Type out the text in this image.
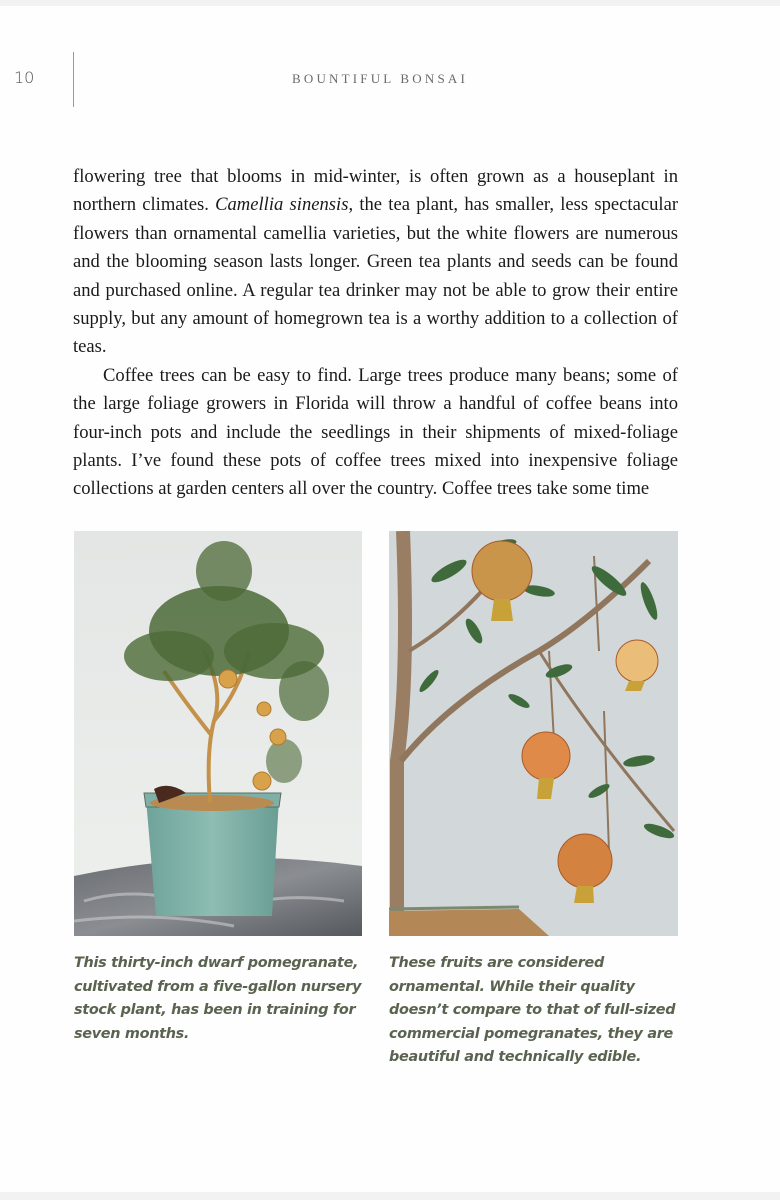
10	BOUNTIFUL BONSAI

flowering tree that blooms in mid-winter, is often grown as a houseplant in northern climates. Camellia sinensis, the tea plant, has smaller, less spectacular flowers than ornamental camellia varieties, but the white flowers are numerous and the blooming season lasts longer. Green tea plants and seeds can be found and purchased online. A regular tea drinker may not be able to grow their entire supply, but any amount of homegrown tea is a worthy addition to a collection of teas.

Coffee trees can be easy to find. Large trees produce many beans; some of the large foliage growers in Florida will throw a handful of coffee beans into four-inch pots and include the seedlings in their shipments of mixed-foliage plants. I’ve found these pots of coffee trees mixed into inexpensive foliage collections at garden centers all over the country. Coffee trees take some time

This thirty-inch dwarf pomegranate, cultivated from a five-gallon nursery stock plant, has been in training for seven months.
These fruits are considered ornamental. While their quality doesn’t compare to that of full-sized commercial pomegranates, they are beautiful and technically edible.
